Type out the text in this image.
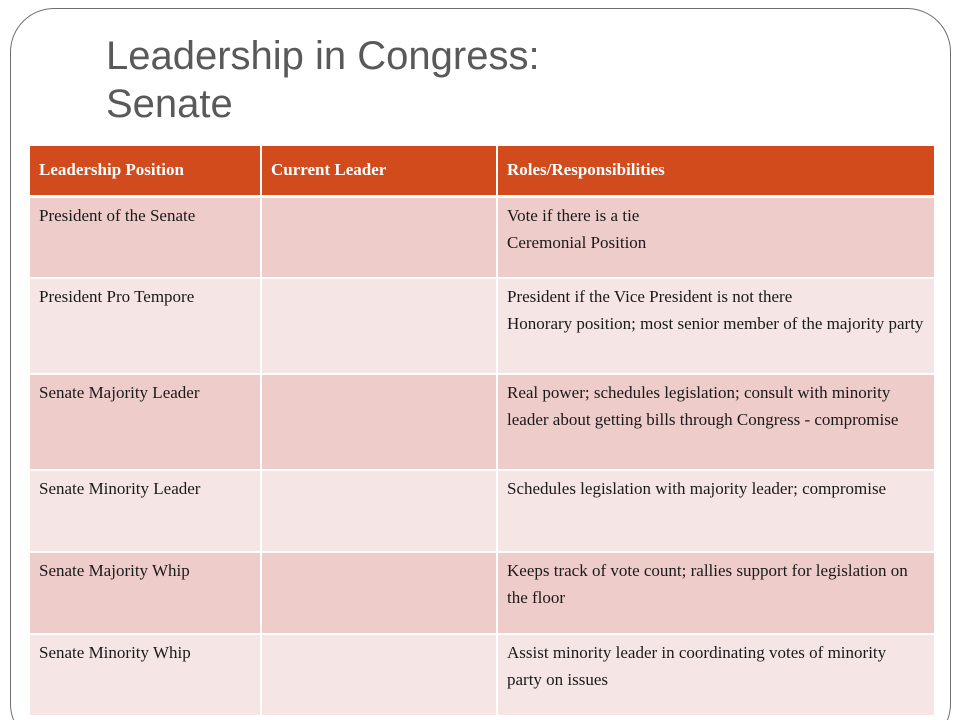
Leadership in Congress:
Senate
Leadership Position	Current Leader	Roles/Responsibilities
President of the Senate		Vote if there is a tie
Ceremonial Position

President Pro Tempore		President if the Vice President is not there
Honorary position; most senior member of the majority party

Senate Majority Leader		Real power; schedules legislation; consult with minority leader about getting bills through Congress - compromise

Senate Minority Leader		Schedules legislation with majority leader; compromise

Senate Majority Whip		Keeps track of vote count; rallies support for legislation on the floor

Senate Minority Whip		Assist minority leader in coordinating votes of minority party on issues
